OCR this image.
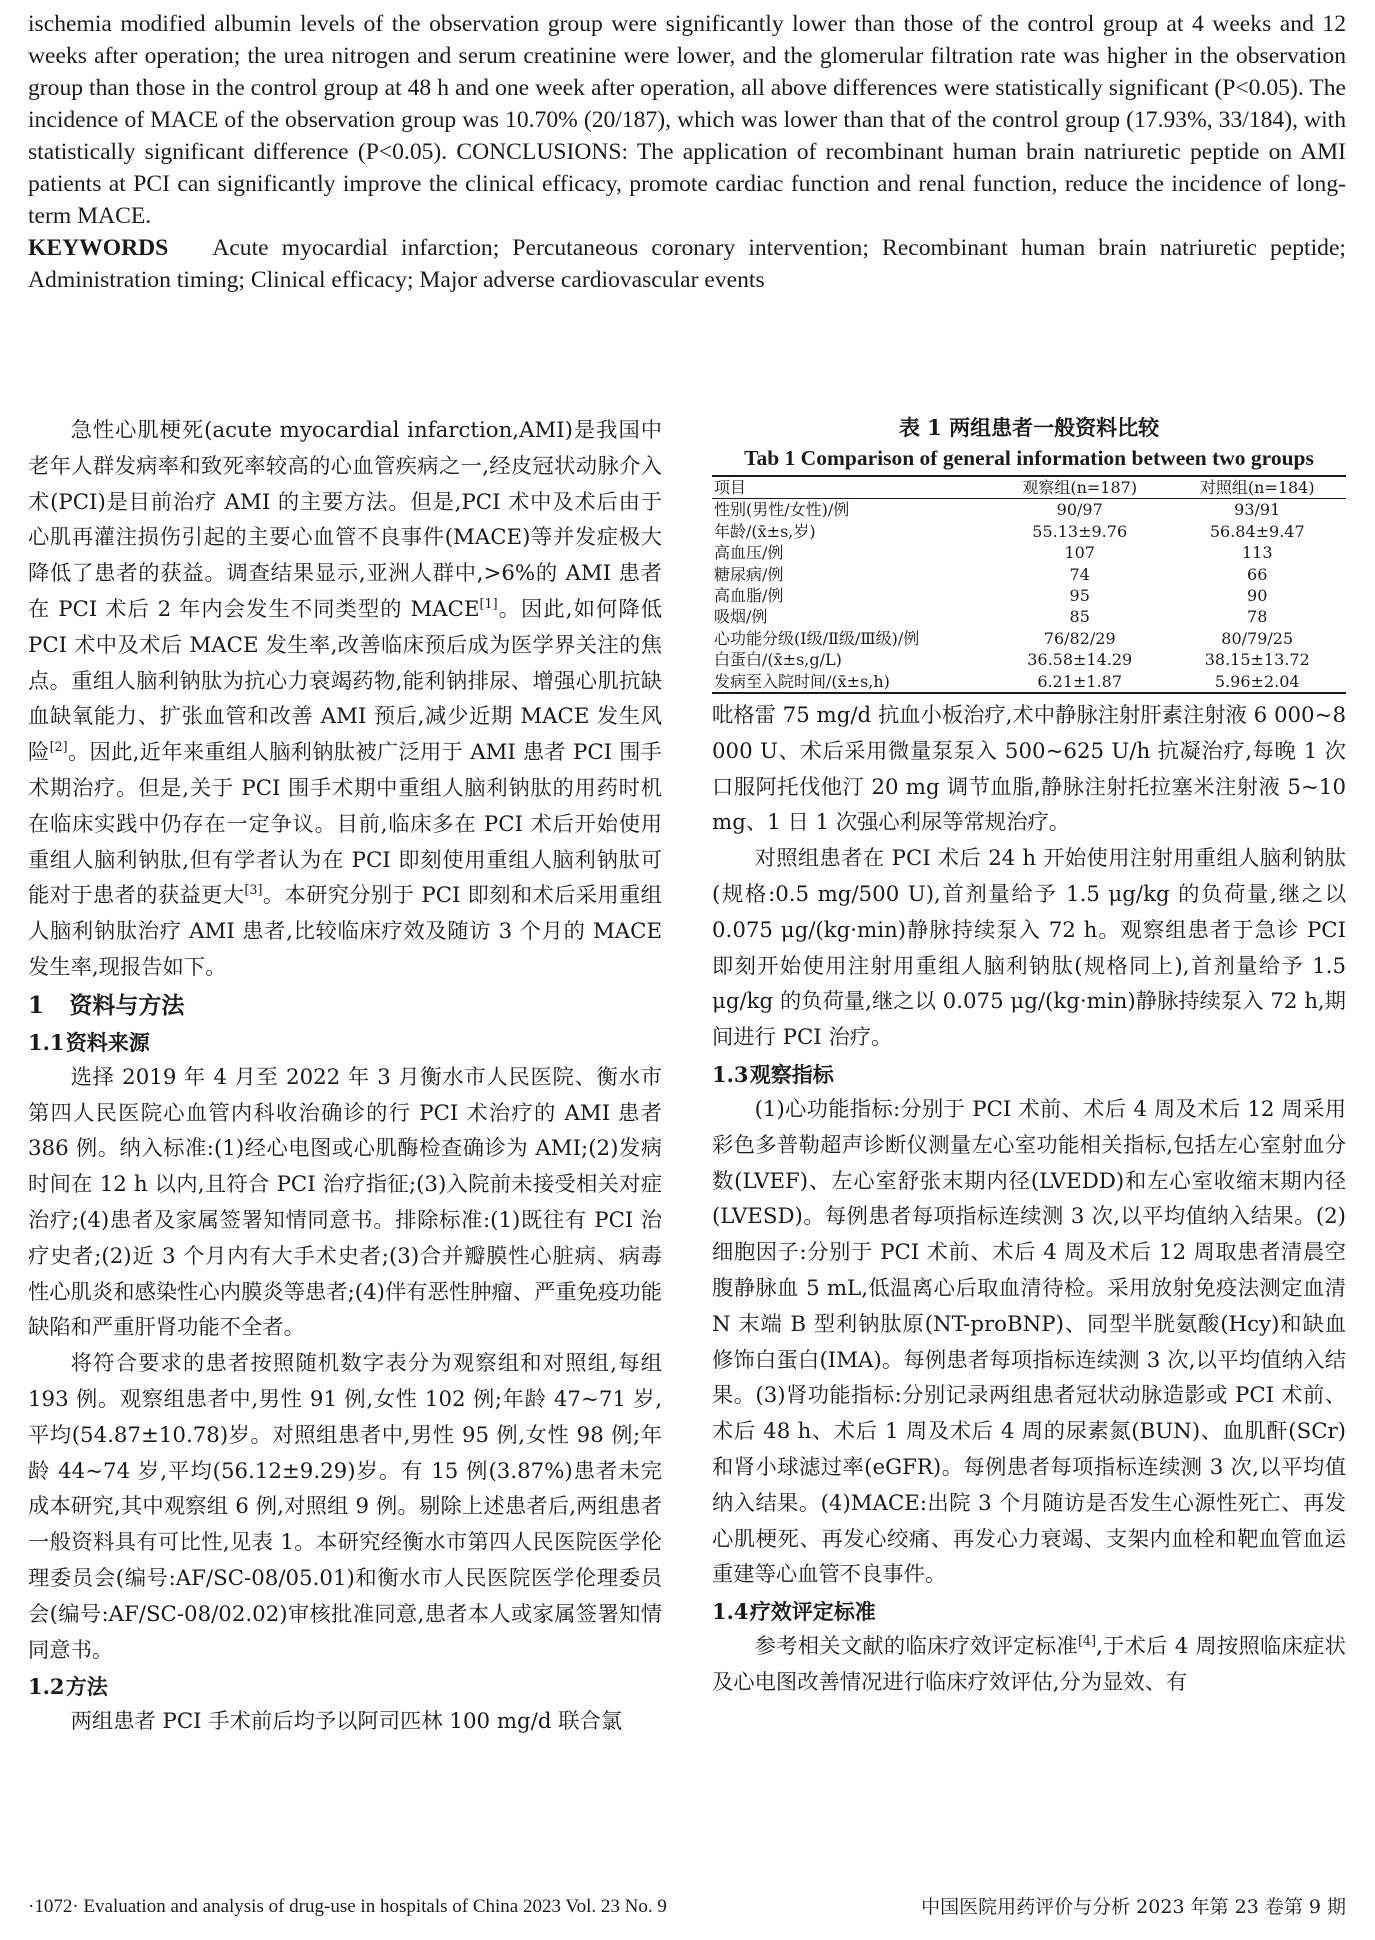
ischemia modified albumin levels of the observation group were significantly lower than those of the control group at 4 weeks and 12 weeks after operation; the urea nitrogen and serum creatinine were lower, and the glomerular filtration rate was higher in the observation group than those in the control group at 48 h and one week after operation, all above differences were statistically significant (P<0.05). The incidence of MACE of the observation group was 10.70% (20/187), which was lower than that of the control group (17.93%, 33/184), with statistically significant difference (P<0.05). CONCLUSIONS: The application of recombinant human brain natriuretic peptide on AMI patients at PCI can significantly improve the clinical efficacy, promote cardiac function and renal function, reduce the incidence of long-term MACE.

KEYWORDS Acute myocardial infarction; Percutaneous coronary intervention; Recombinant human brain natriuretic peptide; Administration timing; Clinical efficacy; Major adverse cardiovascular events

急性心肌梗死(acute myocardial infarction,AMI)是我国中老年人群发病率和致死率较高的心血管疾病之一,经皮冠状动脉介入术(PCI)是目前治疗 AMI 的主要方法。但是,PCI 术中及术后由于心肌再灌注损伤引起的主要心血管不良事件(MACE)等并发症极大降低了患者的获益。调查结果显示,亚洲人群中,>6%的 AMI 患者在 PCI 术后 2 年内会发生不同类型的 MACE[1]。因此,如何降低 PCI 术中及术后 MACE 发生率,改善临床预后成为医学界关注的焦点。重组人脑利钠肽为抗心力衰竭药物,能利钠排尿、增强心肌抗缺血缺氧能力、扩张血管和改善 AMI 预后,减少近期 MACE 发生风险[2]。因此,近年来重组人脑利钠肽被广泛用于 AMI 患者 PCI 围手术期治疗。但是,关于 PCI 围手术期中重组人脑利钠肽的用药时机在临床实践中仍存在一定争议。目前,临床多在 PCI 术后开始使用重组人脑利钠肽,但有学者认为在 PCI 即刻使用重组人脑利钠肽可能对于患者的获益更大[3]。本研究分别于 PCI 即刻和术后采用重组人脑利钠肽治疗 AMI 患者,比较临床疗效及随访 3 个月的 MACE 发生率,现报告如下。

1 资料与方法
1.1资料来源

选择 2019 年 4 月至 2022 年 3 月衡水市人民医院、衡水市第四人民医院心血管内科收治确诊的行 PCI 术治疗的 AMI 患者 386 例。纳入标准:(1)经心电图或心肌酶检查确诊为 AMI;(2)发病时间在 12 h 以内,且符合 PCI 治疗指征;(3)入院前未接受相关对症治疗;(4)患者及家属签署知情同意书。排除标准:(1)既往有 PCI 治疗史者;(2)近 3 个月内有大手术史者;(3)合并瓣膜性心脏病、病毒性心肌炎和感染性心内膜炎等患者;(4)伴有恶性肿瘤、严重免疫功能缺陷和严重肝肾功能不全者。

将符合要求的患者按照随机数字表分为观察组和对照组,每组 193 例。观察组患者中,男性 91 例,女性 102 例;年龄 47~71 岁,平均(54.87±10.78)岁。对照组患者中,男性 95 例,女性 98 例;年龄 44~74 岁,平均(56.12±9.29)岁。有 15 例(3.87%)患者未完成本研究,其中观察组 6 例,对照组 9 例。剔除上述患者后,两组患者一般资料具有可比性,见表 1。本研究经衡水市第四人民医院医学伦理委员会(编号:AF/SC-08/05.01)和衡水市人民医院医学伦理委员会(编号:AF/SC-08/02.02)审核批准同意,患者本人或家属签署知情同意书。

1.2方法

两组患者 PCI 手术前后均予以阿司匹林 100 mg/d 联合氯

表 1 两组患者一般资料比较
Tab 1 Comparison of general information between two groups
项目	观察组(n=187)	对照组(n=184)
性别(男性/女性)/例	90/97	93/91
年龄/(x̄±s,岁)	55.13±9.76	56.84±9.47
高血压/例	107	113
糖尿病/例	74	66
高血脂/例	95	90
吸烟/例	85	78
心功能分级(Ⅰ级/Ⅱ级/Ⅲ级)/例	76/82/29	80/79/25
白蛋白/(x̄±s,g/L)	36.58±14.29	38.15±13.72
发病至入院时间/(x̄±s,h)	6.21±1.87	5.96±2.04

吡格雷 75 mg/d 抗血小板治疗,术中静脉注射肝素注射液 6 000~8 000 U、术后采用微量泵泵入 500~625 U/h 抗凝治疗,每晚 1 次口服阿托伐他汀 20 mg 调节血脂,静脉注射托拉塞米注射液 5~10 mg、1 日 1 次强心利尿等常规治疗。

对照组患者在 PCI 术后 24 h 开始使用注射用重组人脑利钠肽(规格:0.5 mg/500 U),首剂量给予 1.5 μg/kg 的负荷量,继之以 0.075 μg/(kg·min)静脉持续泵入 72 h。观察组患者于急诊 PCI 即刻开始使用注射用重组人脑利钠肽(规格同上),首剂量给予 1.5 μg/kg 的负荷量,继之以 0.075 μg/(kg·min)静脉持续泵入 72 h,期间进行 PCI 治疗。

1.3观察指标

(1)心功能指标:分别于 PCI 术前、术后 4 周及术后 12 周采用彩色多普勒超声诊断仪测量左心室功能相关指标,包括左心室射血分数(LVEF)、左心室舒张末期内径(LVEDD)和左心室收缩末期内径(LVESD)。每例患者每项指标连续测 3 次,以平均值纳入结果。(2)细胞因子:分别于 PCI 术前、术后 4 周及术后 12 周取患者清晨空腹静脉血 5 mL,低温离心后取血清待检。采用放射免疫法测定血清 N 末端 B 型利钠肽原(NT-proBNP)、同型半胱氨酸(Hcy)和缺血修饰白蛋白(IMA)。每例患者每项指标连续测 3 次,以平均值纳入结果。(3)肾功能指标:分别记录两组患者冠状动脉造影或 PCI 术前、术后 48 h、术后 1 周及术后 4 周的尿素氮(BUN)、血肌酐(SCr)和肾小球滤过率(eGFR)。每例患者每项指标连续测 3 次,以平均值纳入结果。(4)MACE:出院 3 个月随访是否发生心源性死亡、再发心肌梗死、再发心绞痛、再发心力衰竭、支架内血栓和靶血管血运重建等心血管不良事件。

1.4疗效评定标准

参考相关文献的临床疗效评定标准[4],于术后 4 周按照临床症状及心电图改善情况进行临床疗效评估,分为显效、有

·1072· Evaluation and analysis of drug-use in hospitals of China 2023 Vol. 23 No. 9	中国医院用药评价与分析 2023 年第 23 卷第 9 期
